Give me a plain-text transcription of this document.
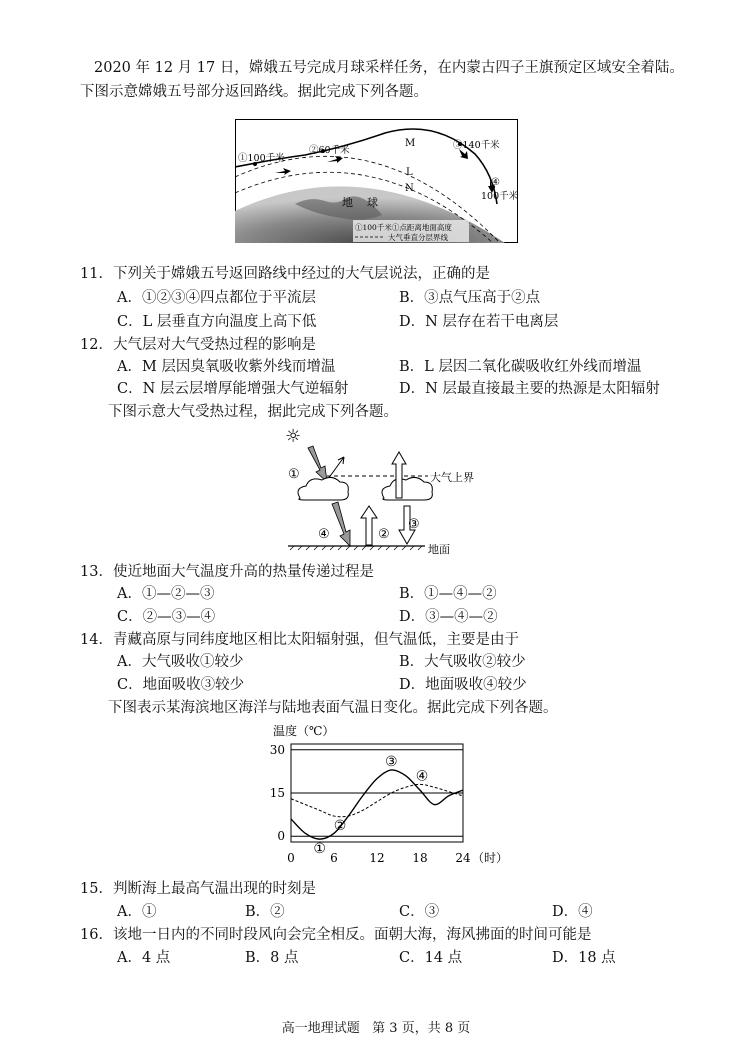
2020 年 12 月 17 日，嫦娥五号完成月球采样任务，在内蒙古四子王旗预定区域安全着陆。
下图示意嫦娥五号部分返回路线。据此完成下列各题。
①100千米
②60千米	③140千米
④
100千米
M
L
N
地    球
①100千米①点距离地面高度
大气垂直分层界线
11．下列关于嫦娥五号返回路线中经过的大气层说法，正确的是
A．①②③④四点都位于平流层	B．③点气压高于②点
C．L 层垂直方向温度上高下低	D．N 层存在若干电离层
12．大气层对大气受热过程的影响是
A．M 层因臭氧吸收紫外线而增温	B．L 层因二氧化碳吸收红外线而增温
C．N 层云层增厚能增强大气逆辐射	D．N 层最直接最主要的热源是太阳辐射
下图示意大气受热过程，据此完成下列各题。
☼
①	大气上界
④	②
③
地面
13．使近地面大气温度升高的热量传递过程是
A．①—②—③	B．①—④—②
C．②—③—④	D．③—④—②
14．青藏高原与同纬度地区相比太阳辐射强，但气温低，主要是由于
A．大气吸收①较少	B．大气吸收②较少
C．地面吸收③较少	D．地面吸收④较少
下图表示某海滨地区海洋与陆地表面气温日变化。据此完成下列各题。
温度（℃）
30
15
0
0	6	12 18 24
①
③
②
④
（时）
15．判断海上最高气温出现的时刻是
A．①	B．②	C．③	D．④
16．该地一日内的不同时段风向会完全相反。面朝大海，海风拂面的时间可能是
A．4 点	B．8 点	C．14 点	D．18 点
高一地理试题   第 3 页，共 8 页
